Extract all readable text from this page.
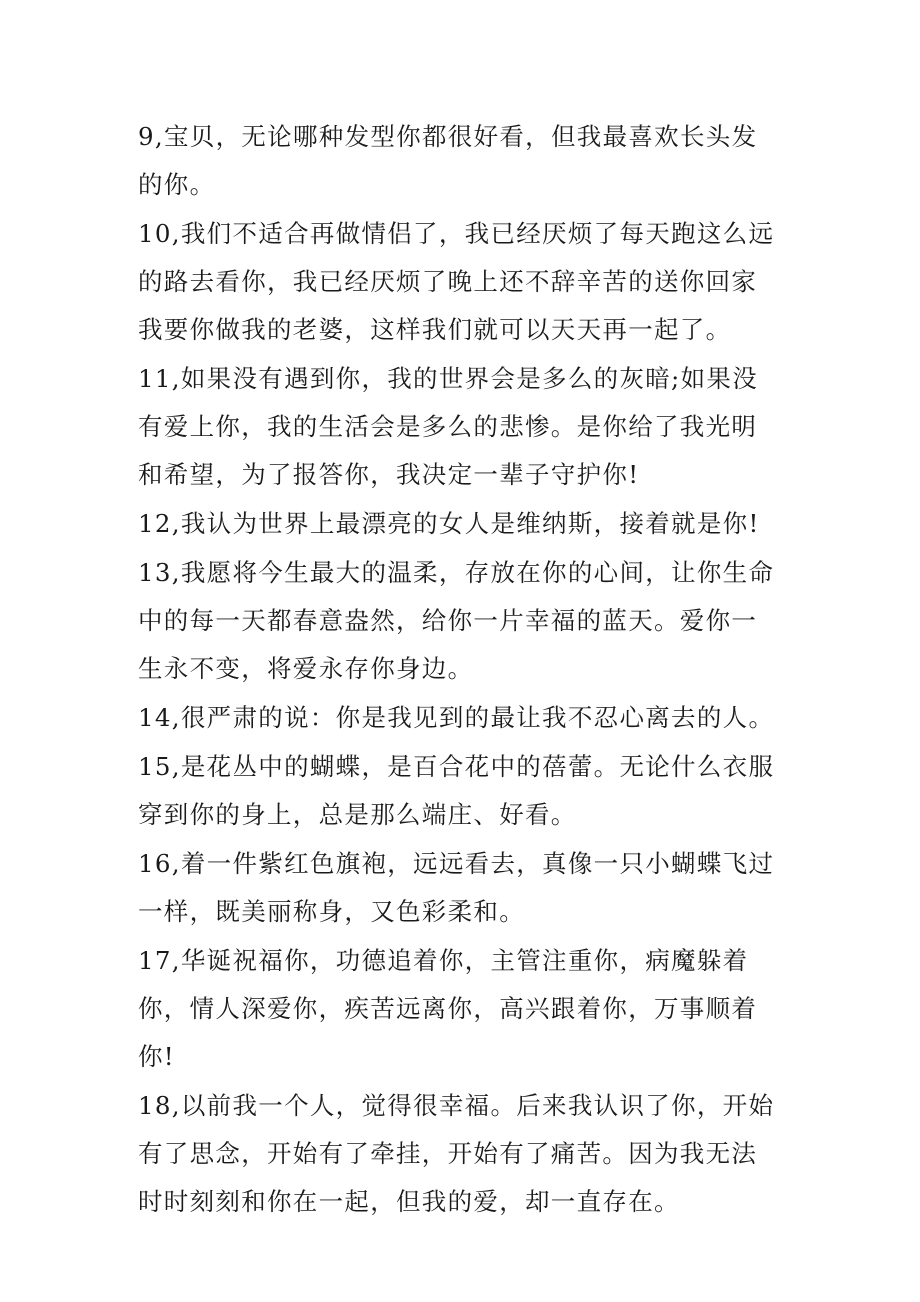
9,宝贝，无论哪种发型你都很好看，但我最喜欢长头发的你。

10,我们不适合再做情侣了，我已经厌烦了每天跑这么远的路去看你，我已经厌烦了晚上还不辞辛苦的送你回家我要你做我的老婆，这样我们就可以天天再一起了。

11,如果没有遇到你，我的世界会是多么的灰暗;如果没有爱上你，我的生活会是多么的悲惨。是你给了我光明和希望，为了报答你，我决定一辈子守护你!

12,我认为世界上最漂亮的女人是维纳斯，接着就是你!

13,我愿将今生最大的温柔，存放在你的心间，让你生命中的每一天都春意盎然，给你一片幸福的蓝天。爱你一生永不变，将爱永存你身边。

14,很严肃的说：你是我见到的最让我不忍心离去的人。

15,是花丛中的蝴蝶，是百合花中的蓓蕾。无论什么衣服穿到你的身上，总是那么端庄、好看。

16,着一件紫红色旗袍，远远看去，真像一只小蝴蝶飞过一样，既美丽称身，又色彩柔和。

17,华诞祝福你，功德追着你，主管注重你，病魔躲着你，情人深爱你，疾苦远离你，高兴跟着你，万事顺着你!

18,以前我一个人，觉得很幸福。后来我认识了你，开始有了思念，开始有了牵挂，开始有了痛苦。因为我无法时时刻刻和你在一起，但我的爱，却一直存在。
